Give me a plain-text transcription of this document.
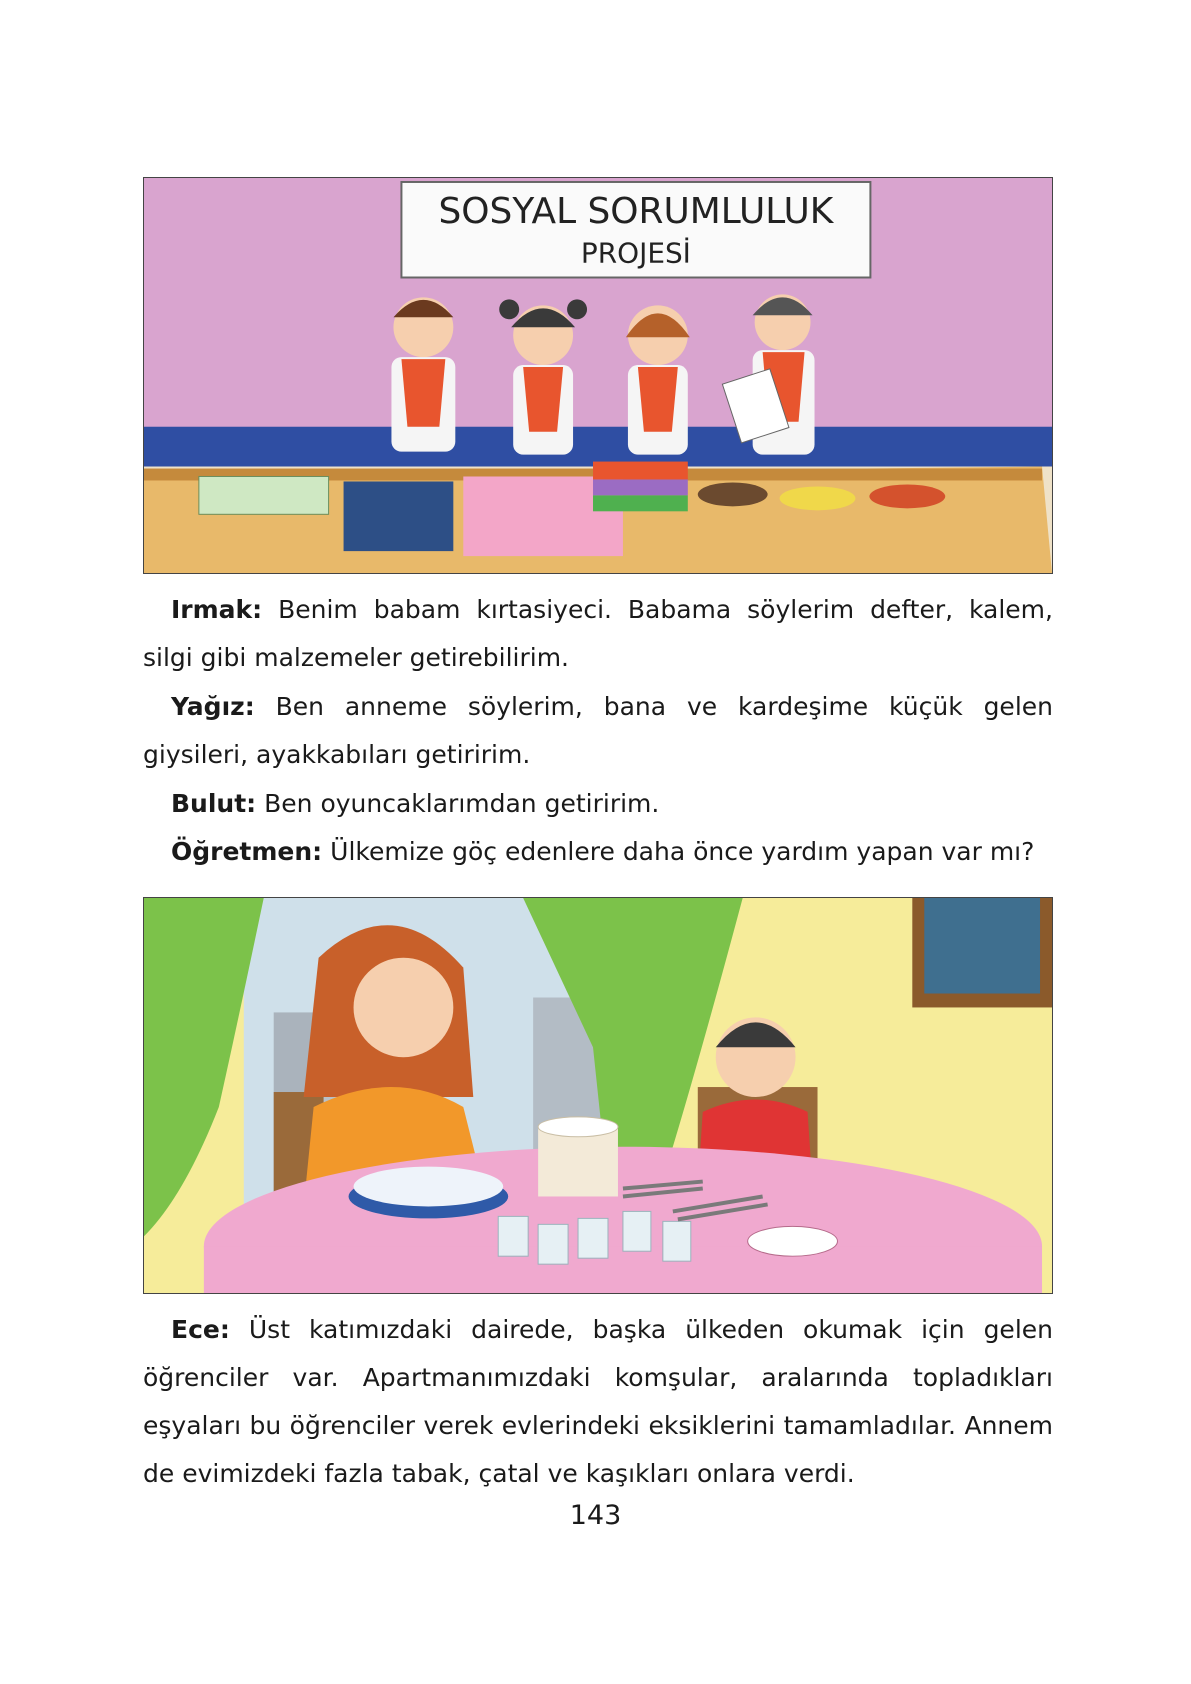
SOSYAL SORUMLULUK
PROJESİ
Irmak: Benim babam kırtasiyeci. Babama söylerim defter, kalem, silgi gibi malzemeler getirebilirim.
Yağız: Ben anneme söylerim, bana ve kardeşime küçük gelen giysileri, ayakkabıları getiririm.
Bulut: Ben oyuncaklarımdan getiririm.
Öğretmen: Ülkemize göç edenlere daha önce yardım yapan var mı?
Ece: Üst katımızdaki dairede, başka ülkeden okumak için gelen öğrenciler var. Apartmanımızdaki komşular, aralarında topladıkları eşyaları bu öğrenciler verek evlerindeki eksiklerini tamamladılar. Annem de evimizdeki fazla tabak, çatal ve kaşıkları onlara verdi.
143
